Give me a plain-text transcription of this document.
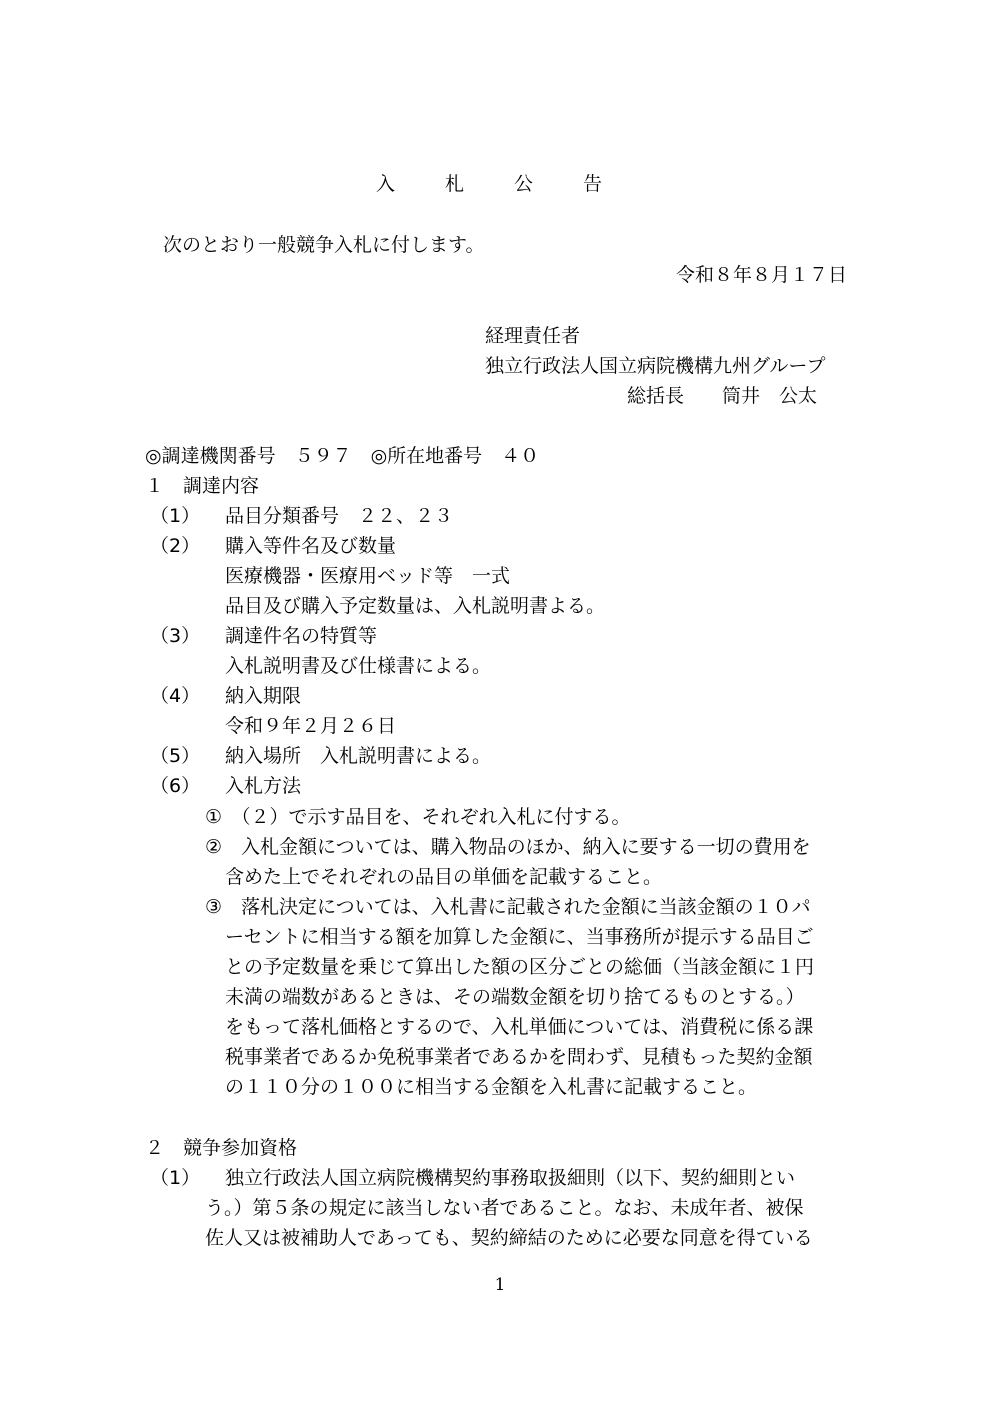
入 札 公 告
次のとおり一般競争入札に付します。
令和８年８月１７日
経理責任者
独立行政法人国立病院機構九州グループ
総括長　　筒井　公太
◎調達機関番号　５９７　◎所在地番号　４０
１　調達内容
（1） 品目分類番号　２２、２３
（2） 購入等件名及び数量
医療機器・医療用ベッド等　一式
品目及び購入予定数量は、入札説明書よる。
（3） 調達件名の特質等
入札説明書及び仕様書による。
（4） 納入期限
令和９年２月２６日
（5） 納入場所　入札説明書による。
（6） 入札方法
①　（２）で示す品目を、それぞれ入札に付する。
②　入札金額については、購入物品のほか、納入に要する一切の費用を
含めた上でそれぞれの品目の単価を記載すること。
③　落札決定については、入札書に記載された金額に当該金額の１０パ
ーセントに相当する額を加算した金額に、当事務所が提示する品目ご
との予定数量を乗じて算出した額の区分ごとの総価（当該金額に１円
未満の端数があるときは、その端数金額を切り捨てるものとする。）
をもって落札価格とするので、入札単価については、消費税に係る課
税事業者であるか免税事業者であるかを問わず、見積もった契約金額
の１１０分の１００に相当する金額を入札書に記載すること。
２　競争参加資格
（1） 独立行政法人国立病院機構契約事務取扱細則（以下、契約細則とい
う。）第５条の規定に該当しない者であること。なお、未成年者、被保
佐人又は被補助人であっても、契約締結のために必要な同意を得ている
1
